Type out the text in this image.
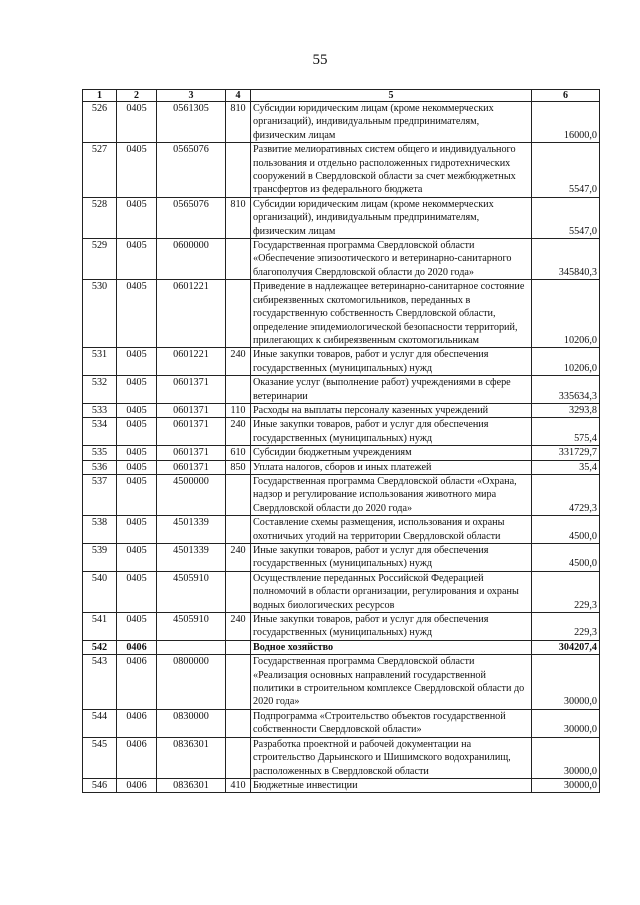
55
1	2	3	4	5	6
526	0405	0561305	810	Субсидии юридическим лицам (кроме некоммерческих организаций), индивидуальным предпринимателям, физическим лицам	16000,0
527	0405	0565076		Развитие мелиоративных систем общего и индивидуального пользования и отдельно расположенных гидротехнических сооружений в Свердловской области за счет межбюджетных трансфертов из федерального бюджета	5547,0
528	0405	0565076	810	Субсидии юридическим лицам (кроме некоммерческих организаций), индивидуальным предпринимателям, физическим лицам	5547,0
529	0405	0600000		Государственная программа Свердловской области «Обеспечение эпизоотического и ветеринарно-санитарного благополучия Свердловской области до 2020 года»	345840,3
530	0405	0601221		Приведение в надлежащее ветеринарно-санитарное состояние сибиреязвенных скотомогильников, переданных в государственную собственность Свердловской области, определение эпидемиологической безопасности территорий, прилегающих к сибиреязвенным скотомогильникам	10206,0
531	0405	0601221	240	Иные закупки товаров, работ и услуг для обеспечения государственных (муниципальных) нужд	10206,0
532	0405	0601371		Оказание услуг (выполнение работ) учреждениями в сфере ветеринарии	335634,3
533	0405	0601371	110	Расходы на выплаты персоналу казенных учреждений	3293,8
534	0405	0601371	240	Иные закупки товаров, работ и услуг для обеспечения государственных (муниципальных) нужд	575,4
535	0405	0601371	610	Субсидии бюджетным учреждениям	331729,7
536	0405	0601371	850	Уплата налогов, сборов и иных платежей	35,4
537	0405	4500000		Государственная программа Свердловской области «Охрана, надзор и регулирование использования животного мира Свердловской области до 2020 года»	4729,3
538	0405	4501339		Составление схемы размещения, использования и охраны охотничьих угодий на территории Свердловской области	4500,0
539	0405	4501339	240	Иные закупки товаров, работ и услуг для обеспечения государственных (муниципальных) нужд	4500,0
540	0405	4505910		Осуществление переданных Российской Федерацией полномочий в области организации, регулирования и охраны водных биологических ресурсов	229,3
541	0405	4505910	240	Иные закупки товаров, работ и услуг для обеспечения государственных (муниципальных) нужд	229,3
542	0406			Водное хозяйство	304207,4
543	0406	0800000		Государственная программа Свердловской области «Реализация основных направлений государственной политики в строительном комплексе Свердловской области до 2020 года»	30000,0
544	0406	0830000		Подпрограмма «Строительство объектов государственной собственности Свердловской области»	30000,0
545	0406	0836301		Разработка проектной и рабочей документации на строительство Дарьинского и Шишимского водохранилищ, расположенных в Свердловской области	30000,0
546	0406	0836301	410	Бюджетные инвестиции	30000,0
